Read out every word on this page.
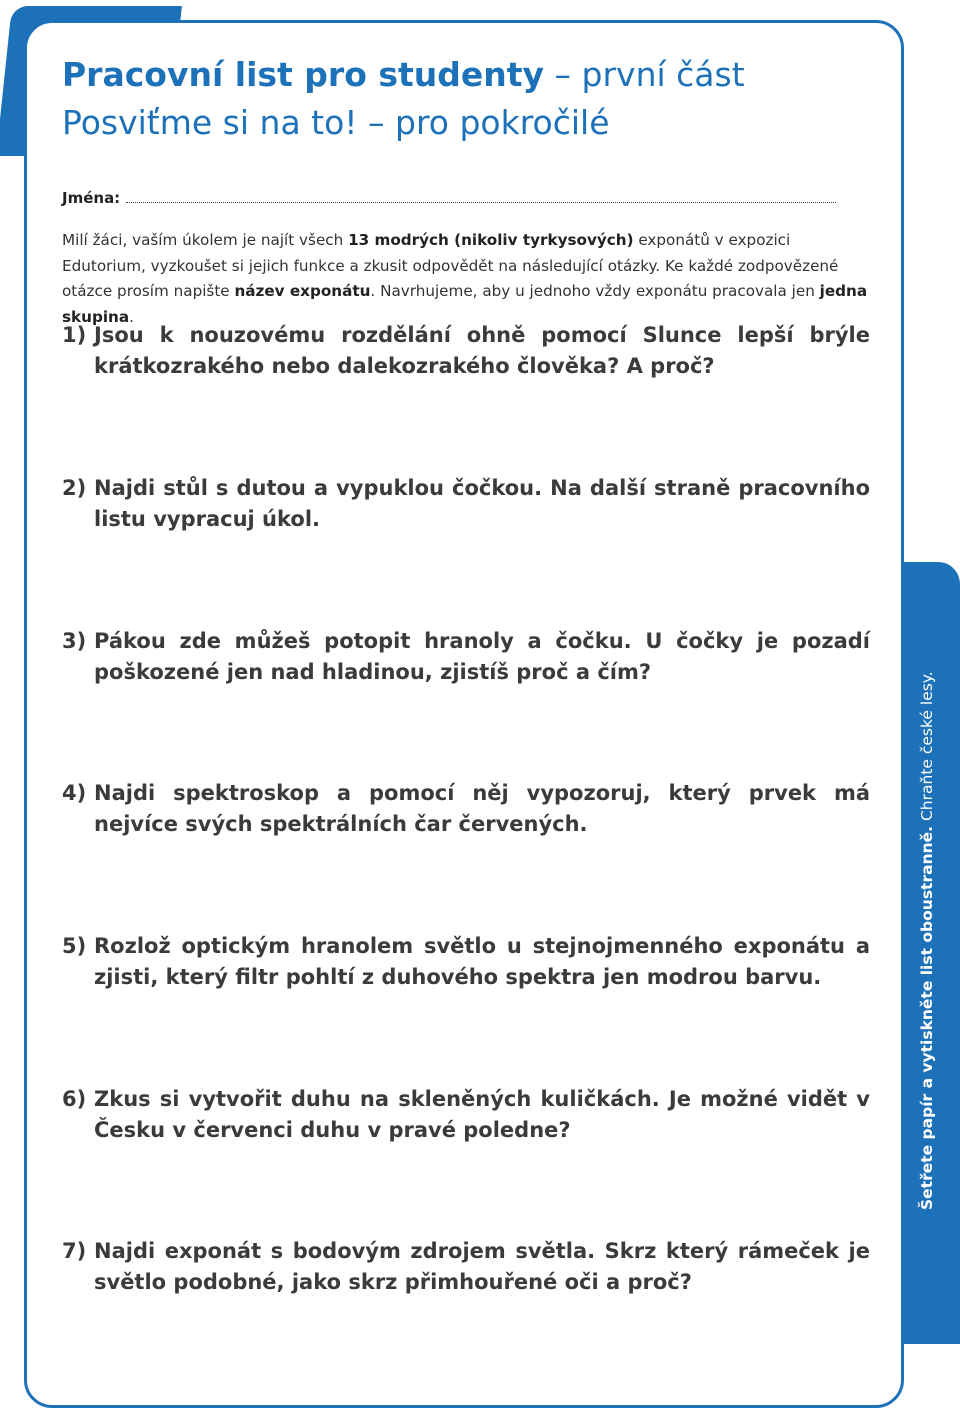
Šetřete papír a vytiskněte list oboustranně. Chraňte české lesy.
Pracovní list pro studenty – první část
Posviťme si na to! – pro pokročilé
Jména:
Milí žáci, vaším úkolem je najít všech 13 modrých (nikoliv tyrkysových) exponátů v expozici Edutorium, vyzkoušet si jejich funkce a zkusit odpovědět na následující otázky. Ke každé zodpovězené otázce prosím napište název exponátu. Navrhujeme, aby u jednoho vždy exponátu pracovala jen jedna skupina.
1) Jsou k nouzovému rozdělání ohně pomocí Slunce lepší brýle krátkozrakého nebo dalekozrakého člověka? A proč?
2) Najdi stůl s dutou a vypuklou čočkou. Na další straně pracovního listu vypracuj úkol.
3) Pákou zde můžeš potopit hranoly a čočku. U čočky je pozadí poškozené jen nad hladinou, zjistíš proč a čím?
4) Najdi spektroskop a pomocí něj vypozoruj, který prvek má nejvíce svých spektrálních čar červených.
5) Rozlož optickým hranolem světlo u stejnojmenného exponátu a zjisti, který filtr pohltí z duhového spektra jen modrou barvu.
6) Zkus si vytvořit duhu na skleněných kuličkách. Je možné vidět v Česku v červenci duhu v pravé poledne?
7) Najdi exponát s bodovým zdrojem světla. Skrz který rámeček je světlo podobné, jako skrz přimhouřené oči a proč?
